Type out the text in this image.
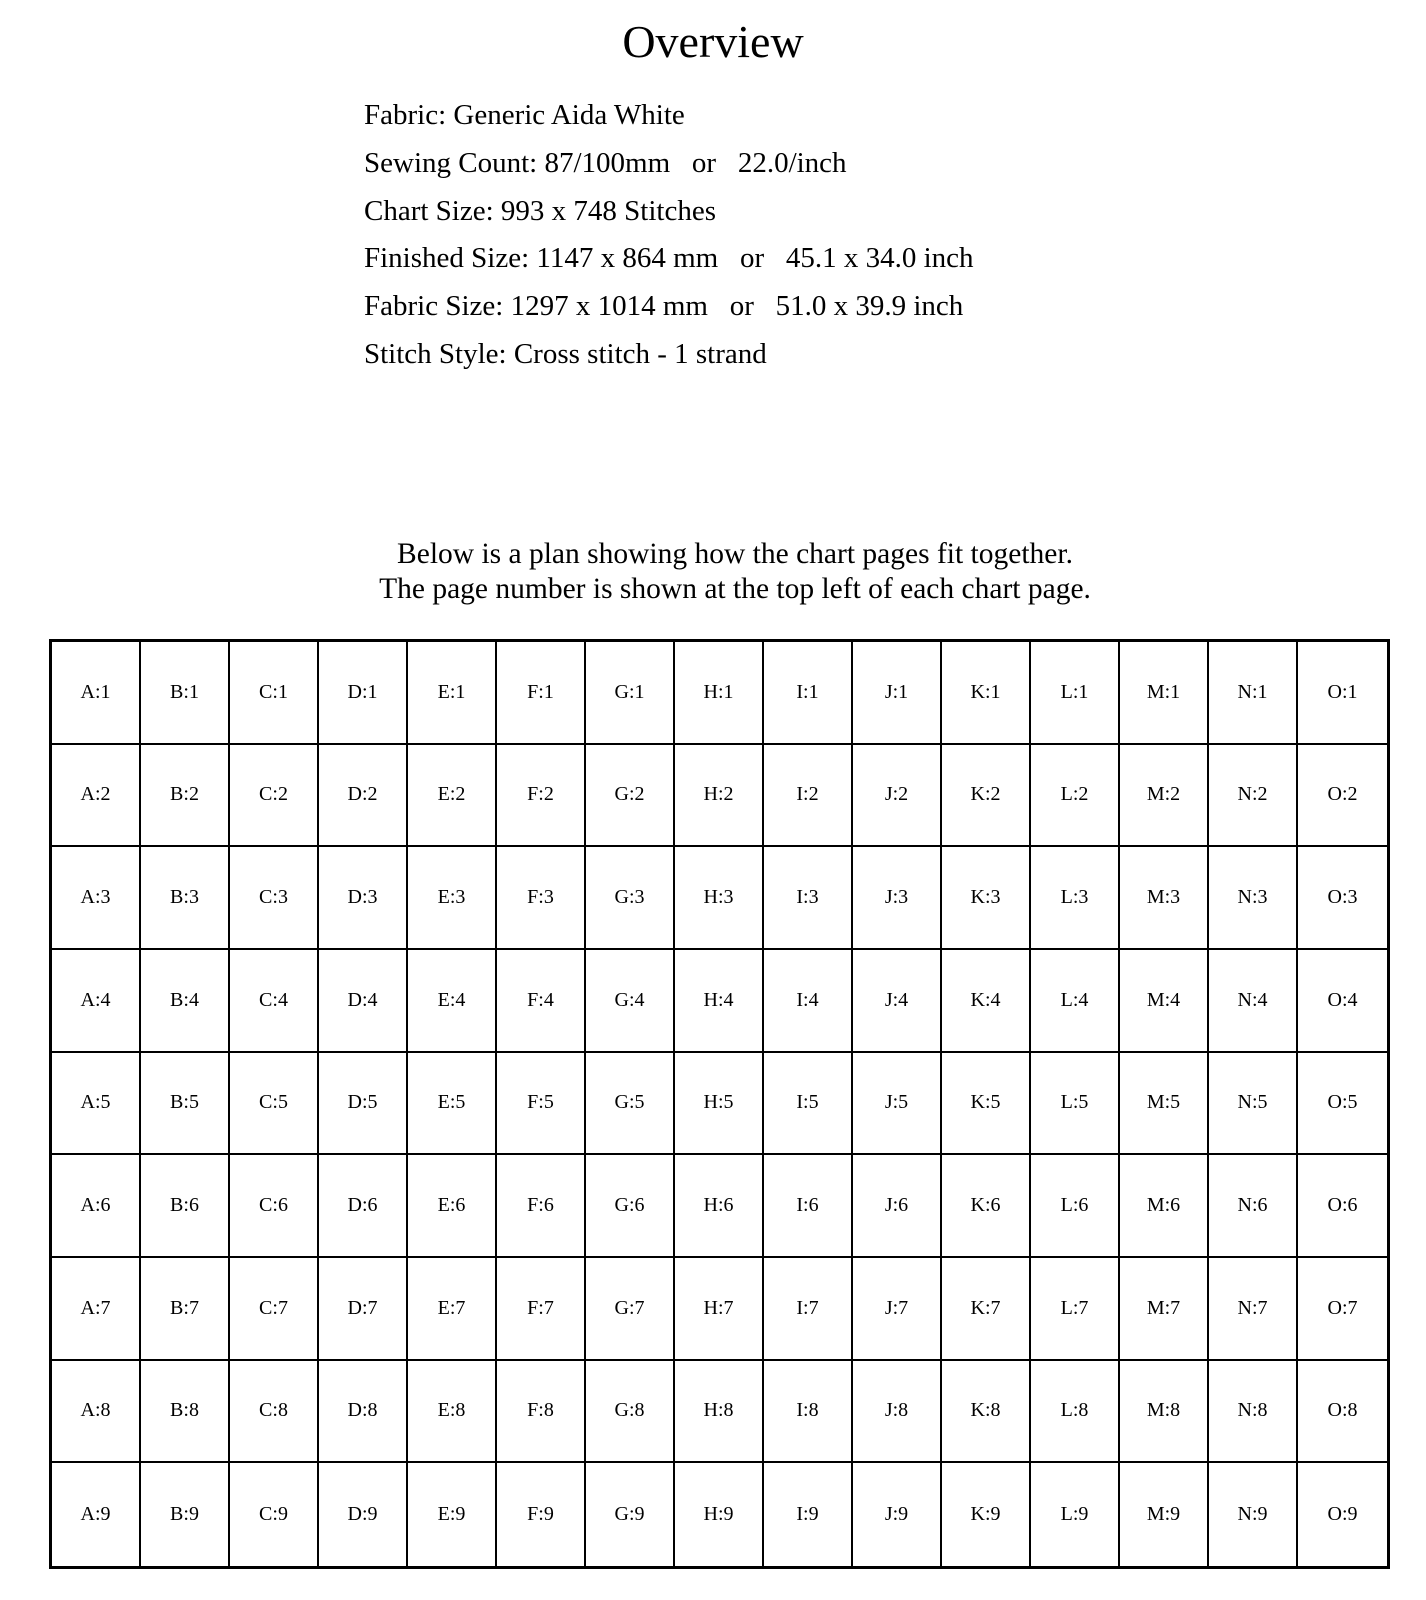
Overview
Fabric: Generic Aida White
Sewing Count: 87/100mm or 22.0/inch
Chart Size: 993 x 748 Stitches
Finished Size: 1147 x 864 mm or 45.1 x 34.0 inch
Fabric Size: 1297 x 1014 mm or 51.0 x 39.9 inch
Stitch Style: Cross stitch - 1 strand
Below is a plan showing how the chart pages fit together.
The page number is shown at the top left of each chart page.
A:1	B:1	C:1	D:1	E:1	F:1	G:1	H:1	I:1	J:1	K:1	L:1	M:1	N:1	O:1
A:2	B:2	C:2	D:2	E:2	F:2	G:2	H:2	I:2	J:2	K:2	L:2	M:2	N:2	O:2
A:3	B:3	C:3	D:3	E:3	F:3	G:3	H:3	I:3	J:3	K:3	L:3	M:3	N:3	O:3
A:4	B:4	C:4	D:4	E:4	F:4	G:4	H:4	I:4	J:4	K:4	L:4	M:4	N:4	O:4
A:5	B:5	C:5	D:5	E:5	F:5	G:5	H:5	I:5	J:5	K:5	L:5	M:5	N:5	O:5
A:6	B:6	C:6	D:6	E:6	F:6	G:6	H:6	I:6	J:6	K:6	L:6	M:6	N:6	O:6
A:7	B:7	C:7	D:7	E:7	F:7	G:7	H:7	I:7	J:7	K:7	L:7	M:7	N:7	O:7
A:8	B:8	C:8	D:8	E:8	F:8	G:8	H:8	I:8	J:8	K:8	L:8	M:8	N:8	O:8
A:9	B:9	C:9	D:9	E:9	F:9	G:9	H:9	I:9	J:9	K:9	L:9	M:9	N:9	O:9
